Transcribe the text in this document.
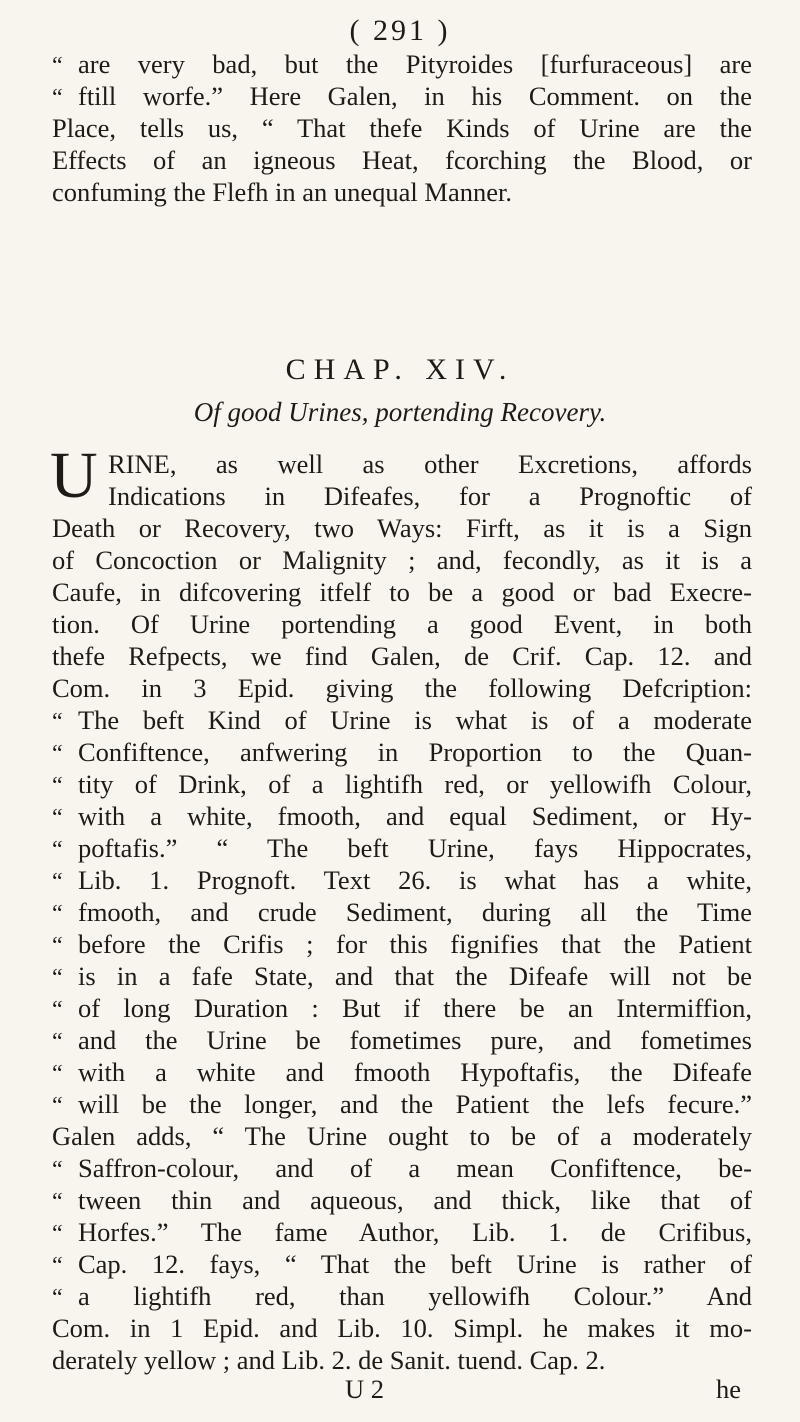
( 291 )
“ are very bad, but the Pityroides [furfuraceous] are
“ ftill worfe.” Here Galen, in his Comment. on the
Place, tells us, “ That thefe Kinds of Urine are the
Effects of an igneous Heat, fcorching the Blood, or
confuming the Flefh in an unequal Manner.
CHAP. XIV.
Of good Urines, portending Recovery.
U RINE, as well as other Excretions, affords
Indications in Difeafes, for a Prognoftic of
Death or Recovery, two Ways: Firft, as it is a Sign
of Concoction or Malignity ; and, fecondly, as it is a
Caufe, in difcovering itfelf to be a good or bad Execre-
tion. Of Urine portending a good Event, in both
thefe Refpects, we find Galen, de Crif. Cap. 12. and
Com. in 3 Epid. giving the following Defcription:
“ The beft Kind of Urine is what is of a moderate
“ Confiftence, anfwering in Proportion to the Quan-
“ tity of Drink, of a lightifh red, or yellowifh Colour,
“ with a white, fmooth, and equal Sediment, or Hy-
“ poftafis.” “ The beft Urine, fays Hippocrates,
“ Lib. 1. Prognoft. Text 26. is what has a white,
“ fmooth, and crude Sediment, during all the Time
“ before the Crifis ; for this fignifies that the Patient
“ is in a fafe State, and that the Difeafe will not be
“ of long Duration : But if there be an Intermiffion,
“ and the Urine be fometimes pure, and fometimes
“ with a white and fmooth Hypoftafis, the Difeafe
“ will be the longer, and the Patient the lefs fecure.”
Galen adds, “ The Urine ought to be of a moderately
“ Saffron-colour, and of a mean Confiftence, be-
“ tween thin and aqueous, and thick, like that of
“ Horfes.” The fame Author, Lib. 1. de Crifibus,
“ Cap. 12. fays, “ That the beft Urine is rather of
“ a lightifh red, than yellowifh Colour.” And
Com. in 1 Epid. and Lib. 10. Simpl. he makes it mo-
derately yellow ; and Lib. 2. de Sanit. tuend. Cap. 2.
U 2	he
